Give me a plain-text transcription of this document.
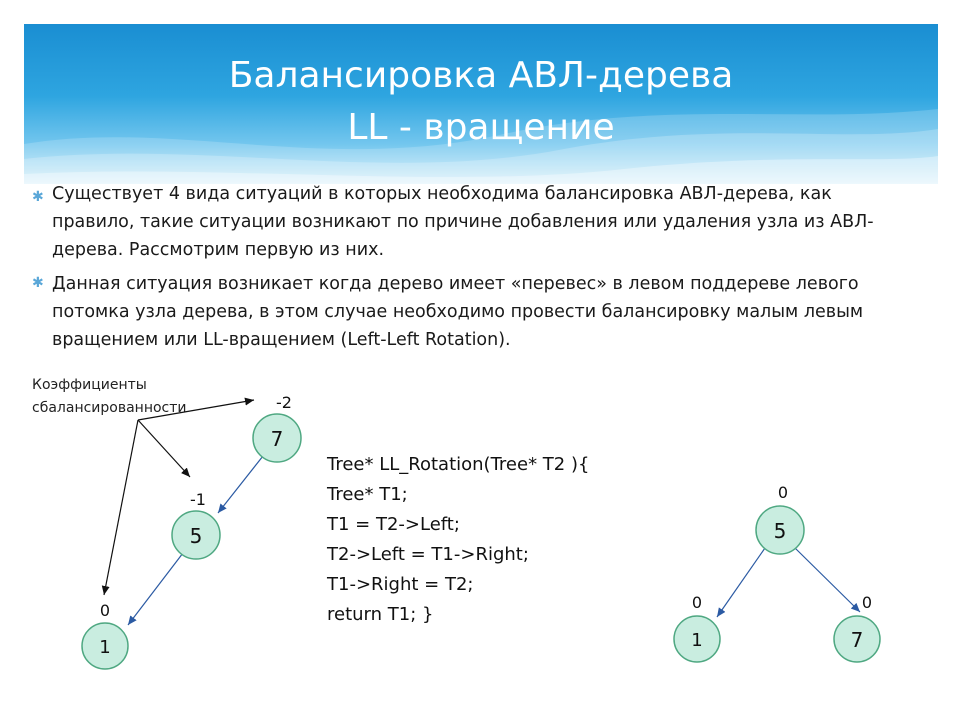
Балансировка АВЛ-дерева
LL - вращение
✱
✱

Существует 4 вида ситуаций в которых необходима балансировка АВЛ-дерева, как правило, такие ситуации возникают по причине добавления или удаления узла из АВЛ-дерева. Рассмотрим первую из них.

Данная ситуация возникает когда дерево имеет «перевес» в левом поддереве левого потомка узла дерева, в этом случае необходимо провести балансировку малым левым вращением или LL-вращением (Left-Left Rotation).

Коэффициенты
сбалансированности
7
-2
5
-1
1
0
5
0
1
0
7
0
Tree* LL_Rotation(Tree* T2 ){
Tree* T1;
T1 = T2->Left;
T2->Left = T1->Right;
T1->Right = T2;
return T1; }
